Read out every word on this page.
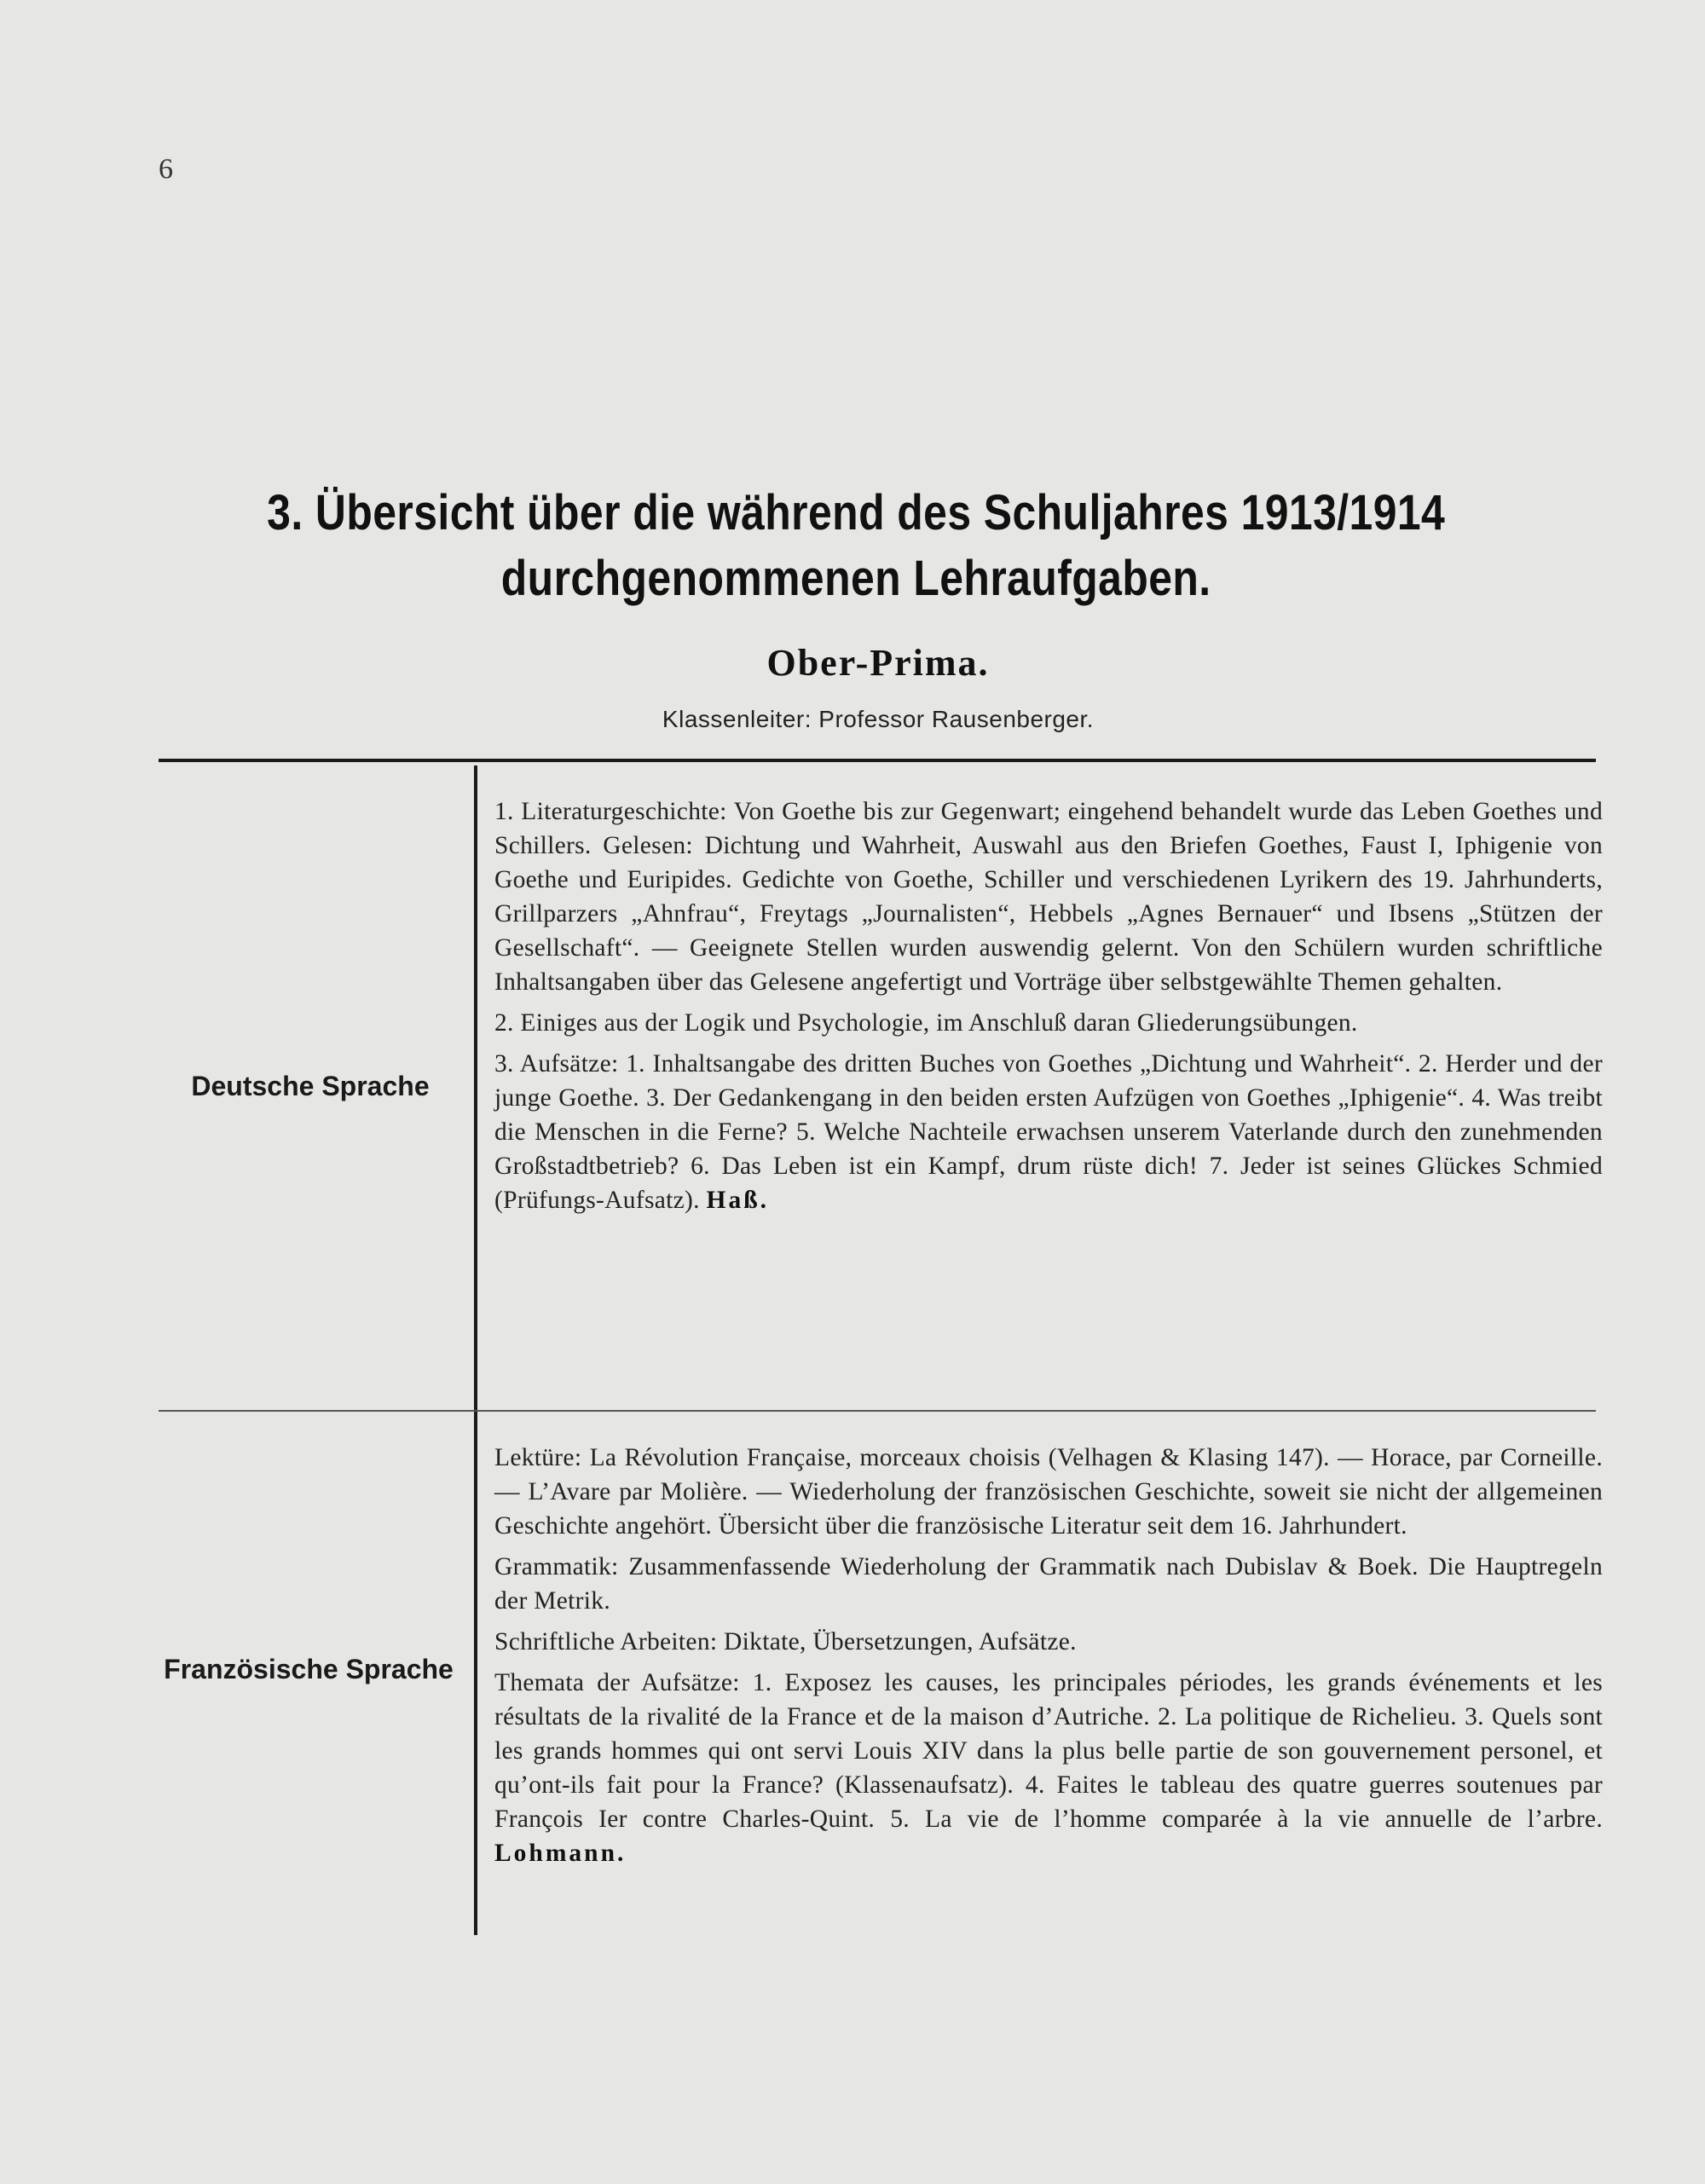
6
3. Übersicht über die während des Schuljahres 1913/1914
durchgenommenen Lehraufgaben.
Ober-Prima.
Klassenleiter: Professor Rausenberger.
Deutsche Sprache

1. Literaturgeschichte: Von Goethe bis zur Gegenwart; eingehend behandelt wurde das Leben Goethes und Schillers. Gelesen: Dichtung und Wahrheit, Auswahl aus den Briefen Goethes, Faust I, Iphigenie von Goethe und Euripides. Gedichte von Goethe, Schiller und verschiedenen Lyrikern des 19. Jahrhunderts, Grillparzers „Ahnfrau“, Freytags „Journalisten“, Hebbels „Agnes Bernauer“ und Ibsens „Stützen der Gesellschaft“. — Geeignete Stellen wurden auswendig gelernt. Von den Schülern wurden schriftliche Inhaltsangaben über das Gelesene angefertigt und Vorträge über selbstgewählte Themen gehalten.

2. Einiges aus der Logik und Psychologie, im Anschluß daran Gliederungsübungen.

3. Aufsätze: 1. Inhaltsangabe des dritten Buches von Goethes „Dichtung und Wahrheit“. 2. Herder und der junge Goethe. 3. Der Gedankengang in den beiden ersten Aufzügen von Goethes „Iphigenie“. 4. Was treibt die Menschen in die Ferne? 5. Welche Nachteile erwachsen unserem Vaterlande durch den zunehmenden Großstadtbetrieb? 6. Das Leben ist ein Kampf, drum rüste dich! 7. Jeder ist seines Glückes Schmied (Prüfungs-Aufsatz). Haß.

Französische Sprache

Lektüre: La Révolution Française, morceaux choisis (Velhagen & Klasing 147). — Horace, par Corneille. — L’Avare par Molière. — Wiederholung der französischen Geschichte, soweit sie nicht der allgemeinen Geschichte angehört. Übersicht über die französische Literatur seit dem 16. Jahrhundert.

Grammatik: Zusammenfassende Wiederholung der Grammatik nach Dubislav & Boek. Die Hauptregeln der Metrik.

Schriftliche Arbeiten: Diktate, Übersetzungen, Aufsätze.

Themata der Aufsätze: 1. Exposez les causes, les principales périodes, les grands événements et les résultats de la rivalité de la France et de la maison d’Autriche. 2. La politique de Richelieu. 3. Quels sont les grands hommes qui ont servi Louis XIV dans la plus belle partie de son gouvernement personel, et qu’ont-ils fait pour la France? (Klassenaufsatz). 4. Faites le tableau des quatre guerres soutenues par François Ier contre Charles-Quint. 5. La vie de l’homme comparée à la vie annuelle de l’arbre. Lohmann.
